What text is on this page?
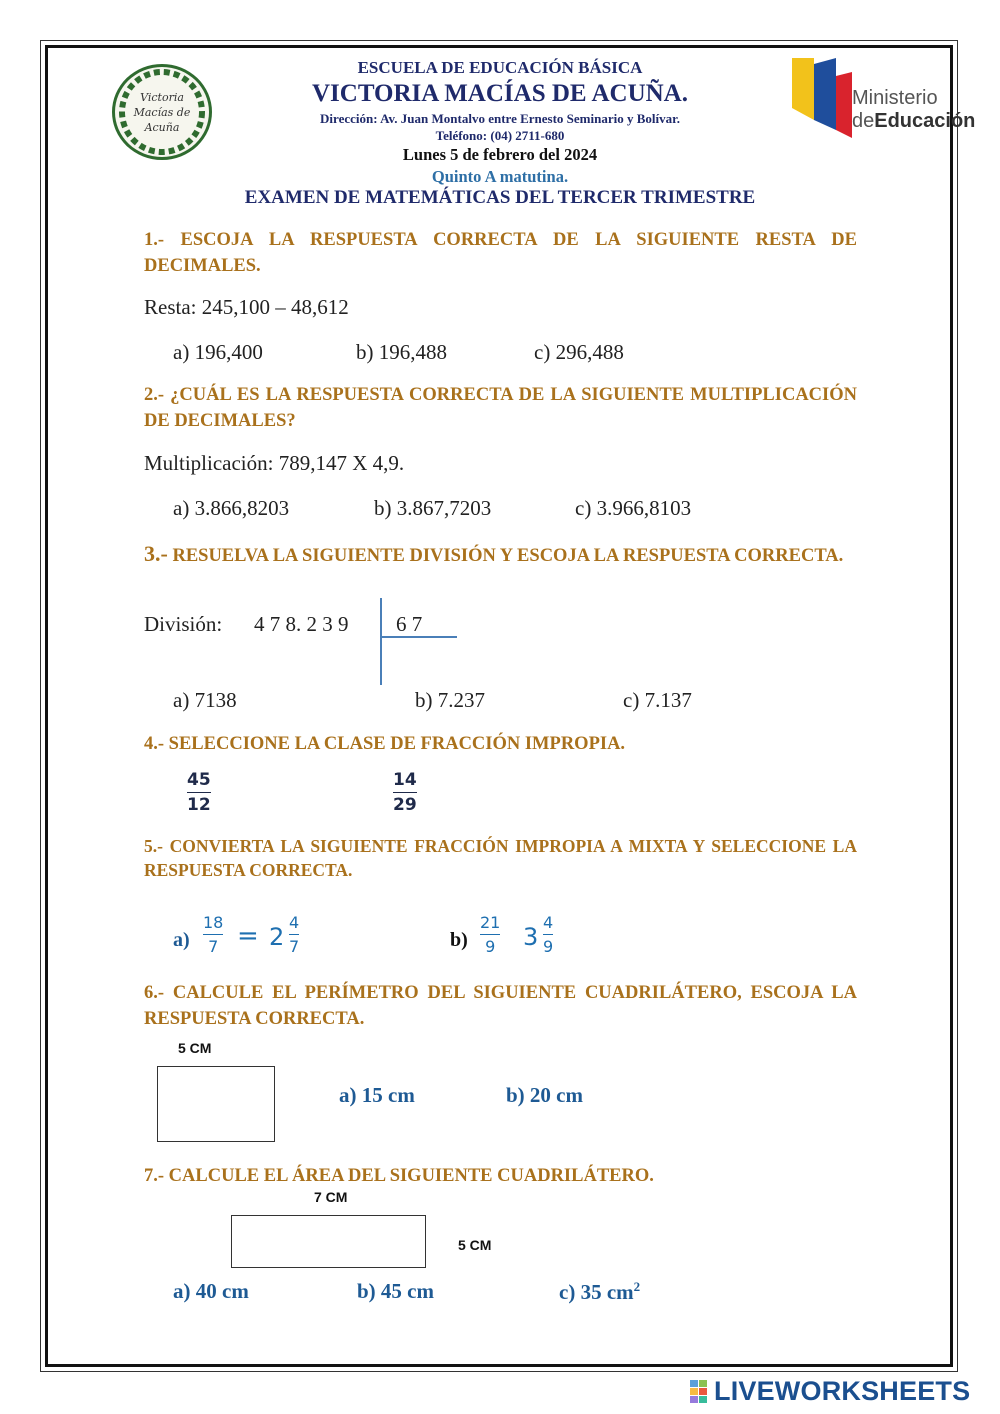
Victoria
Macías de
Acuña
Ministerio
deEducación
ESCUELA DE EDUCACIÓN BÁSICA
VICTORIA MACÍAS DE ACUÑA.
Dirección: Av. Juan Montalvo entre Ernesto Seminario y Bolívar.
Teléfono: (04) 2711-680
Lunes 5 de febrero del 2024
Quinto A matutina.
EXAMEN DE MATEMÁTICAS DEL TERCER TRIMESTRE
1.- ESCOJA LA RESPUESTA CORRECTA DE LA SIGUIENTE RESTA DE DECIMALES.
Resta: 245,100 – 48,612
a) 196,400	b) 196,488	c) 296,488
2.- ¿CUÁL ES LA RESPUESTA CORRECTA DE LA SIGUIENTE MULTIPLICACIÓN DE DECIMALES?
Multiplicación: 789,147 X 4,9.
a) 3.866,8203	b) 3.867,7203	c) 3.966,8103
3.- RESUELVA LA SIGUIENTE DIVISIÓN Y ESCOJA LA RESPUESTA CORRECTA.
División: 4 7 8. 2 3 9 6 7
a) 7138	b) 7.237	c) 7.137
4.- SELECCIONE LA CLASE DE FRACCIÓN IMPROPIA.
45
12
14
29
5.- CONVIERTA LA SIGUIENTE FRACCIÓN IMPROPIA A MIXTA Y SELECCIONE LA RESPUESTA CORRECTA.
a)
18
7 = 2
4
7	b)
21
9 3
4
9
6.- CALCULE EL PERÍMETRO DEL SIGUIENTE CUADRILÁTERO, ESCOJA LA RESPUESTA CORRECTA.
5 CM
a) 15 cm	b) 20 cm
7.- CALCULE EL ÁREA DEL SIGUIENTE CUADRILÁTERO.
7 CM
5 CM
a) 40 cm	b) 45 cm	c) 35 $cm^2$
LIVEWORKSHEETS
